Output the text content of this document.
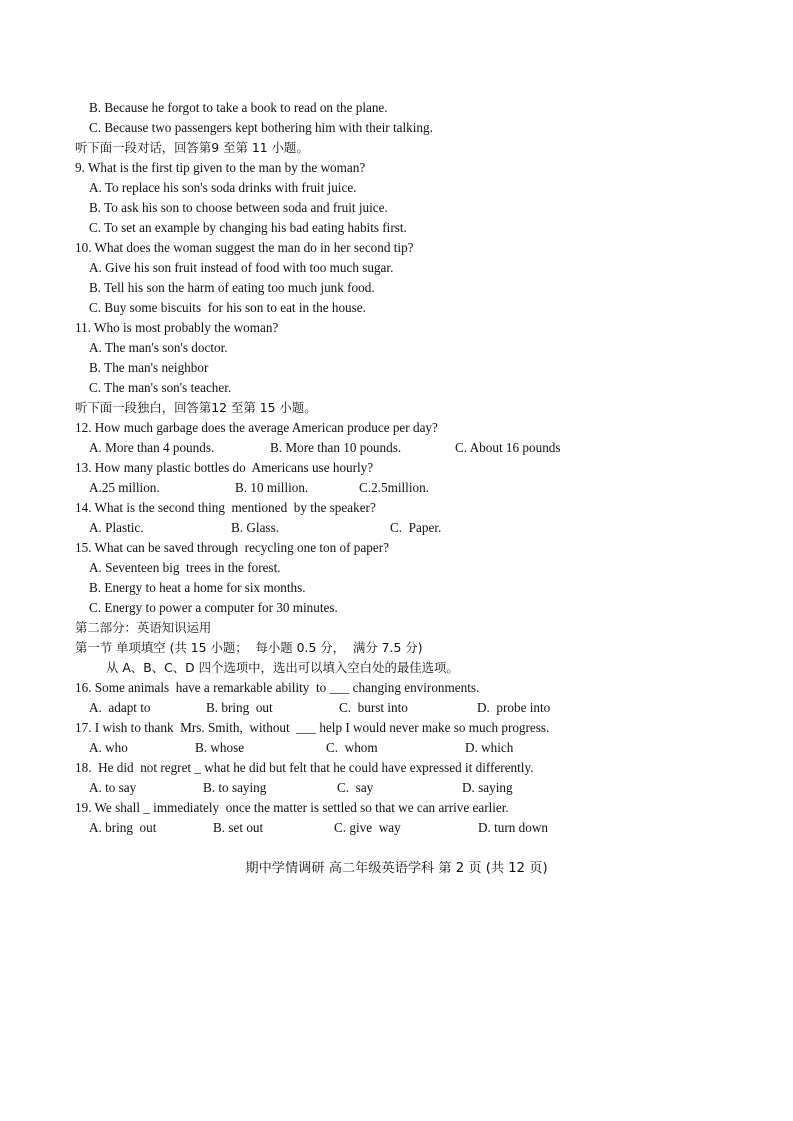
B. Because he forgot to take a book to read on the plane.
C. Because two passengers kept bothering him with their talking.
听下面一段对话，回答第9 至第 11 小题。
9. What is the first tip given to the man by the woman?
A. To replace his son's soda drinks with fruit juice.
B. To ask his son to choose between soda and fruit juice.
C. To set an example by changing his bad eating habits first.
10. What does the woman suggest the man do in her second tip?
A. Give his son fruit instead of food with too much sugar.
B. Tell his son the harm of eating too much junk food.
C. Buy some biscuits  for his son to eat in the house.
11. Who is most probably the woman?
A. The man's son's doctor.
B. The man's neighbor
C. The man's son's teacher.
听下面一段独白，回答第12 至第 15 小题。
12. How much garbage does the average American produce per day?
A. More than 4 pounds.	B. More than 10 pounds.	C. About 16 pounds
13. How many plastic bottles do  Americans use hourly?
A.25 million.	B. 10 million.	C.2.5million.
14. What is the second thing  mentioned  by the speaker?
A. Plastic.	B. Glass.	C.  Paper.
15. What can be saved through  recycling one ton of paper?
A. Seventeen big  trees in the forest.
B. Energy to heat a home for six months.
C. Energy to power a computer for 30 minutes.
第二部分：英语知识运用
第一节 单项填空 (共 15 小题；  每小题 0.5 分，  满分 7.5 分)
从 A、B、C、D 四个选项中，选出可以填入空白处的最佳选项。
16. Some animals  have a remarkable ability  to ___ changing environments.
A.  adapt to	B. bring  out	C.  burst into	D.  probe into
17. I wish to thank  Mrs. Smith,  without  ___ help I would never make so much progress.
A. who	B. whose	C.  whom	D. which
18.  He did  not regret _ what he did but felt that he could have expressed it differently.
A. to say	B. to saying	C.  say	D. saying
19. We shall _ immediately  once the matter is settled so that we can arrive earlier.
A. bring  out	B. set out	C. give  way	D. turn down
期中学情调研 高二年级英语学科 第 2 页 (共 12 页)
